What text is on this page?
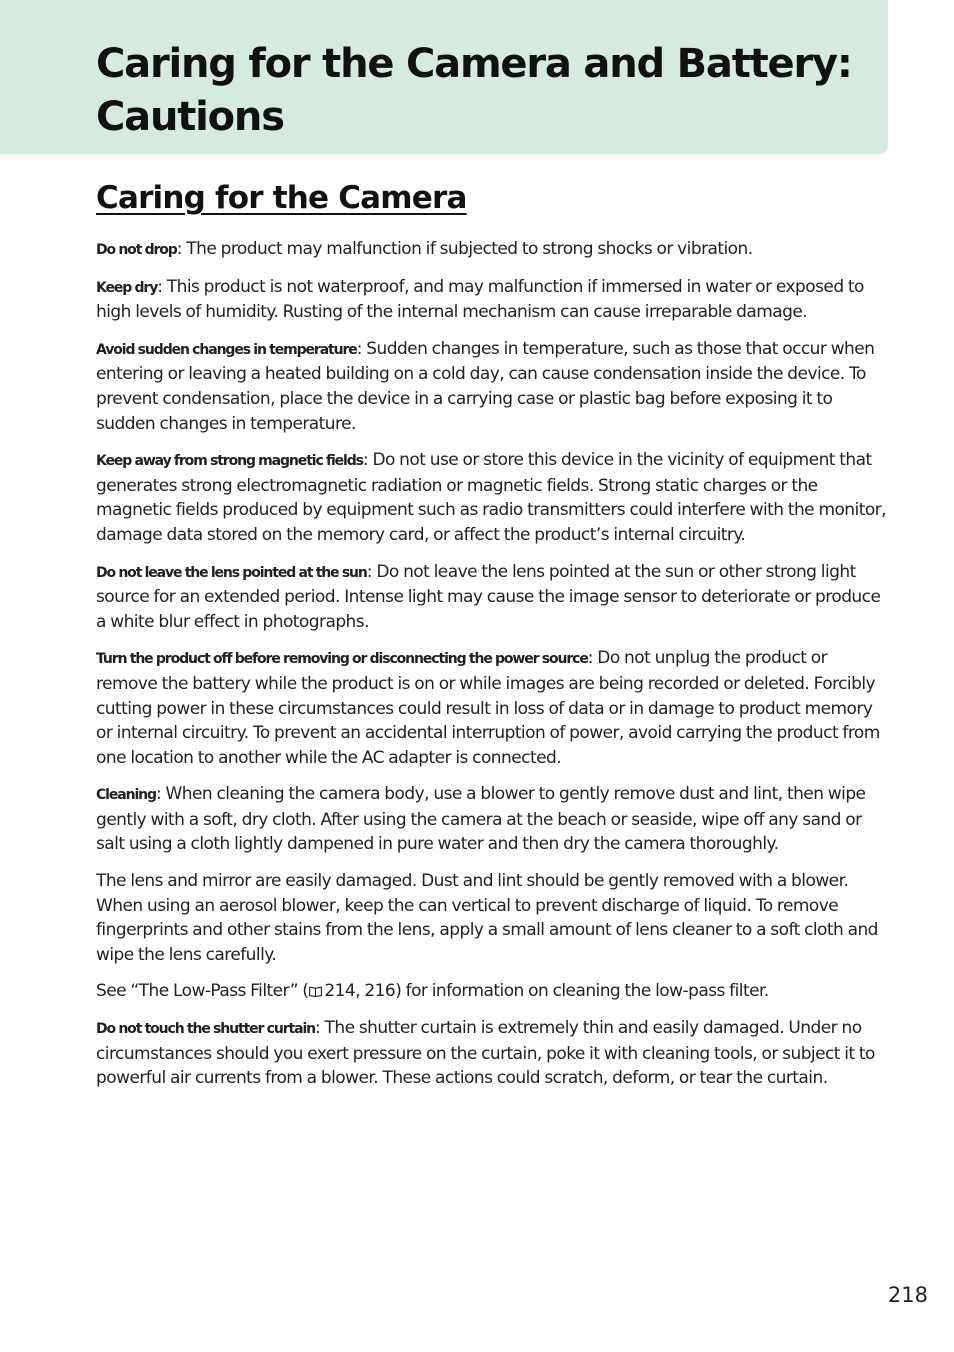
Caring for the Camera and Battery: Cautions
Caring for the Camera

Do not drop: The product may malfunction if subjected to strong shocks or vibration.

Keep dry: This product is not waterproof, and may malfunction if immersed in water or exposed to high levels of humidity. Rusting of the internal mechanism can cause irreparable damage.

Avoid sudden changes in temperature: Sudden changes in temperature, such as those that occur when entering or leaving a heated building on a cold day, can cause condensation inside the device. To prevent condensation, place the device in a carrying case or plastic bag before exposing it to sudden changes in temperature.

Keep away from strong magnetic fields: Do not use or store this device in the vicinity of equipment that generates strong electromagnetic radiation or magnetic fields. Strong static charges or the magnetic fields produced by equipment such as radio transmitters could interfere with the monitor, damage data stored on the memory card, or affect the product’s internal circuitry.

Do not leave the lens pointed at the sun: Do not leave the lens pointed at the sun or other strong light source for an extended period. Intense light may cause the image sensor to deteriorate or produce a white blur effect in photographs.

Turn the product off before removing or disconnecting the power source: Do not unplug the product or remove the battery while the product is on or while images are being recorded or deleted. Forcibly cutting power in these circumstances could result in loss of data or in damage to product memory or internal circuitry. To prevent an accidental interruption of power, avoid carrying the product from one location to another while the AC adapter is connected.

Cleaning: When cleaning the camera body, use a blower to gently remove dust and lint, then wipe gently with a soft, dry cloth. After using the camera at the beach or seaside, wipe off any sand or salt using a cloth lightly dampened in pure water and then dry the camera thoroughly.

The lens and mirror are easily damaged. Dust and lint should be gently removed with a blower. When using an aerosol blower, keep the can vertical to prevent discharge of liquid. To remove fingerprints and other stains from the lens, apply a small amount of lens cleaner to a soft cloth and wipe the lens carefully.

See “The Low-Pass Filter” ( 214, 216) for information on cleaning the low-pass filter.

Do not touch the shutter curtain: The shutter curtain is extremely thin and easily damaged. Under no circumstances should you exert pressure on the curtain, poke it with cleaning tools, or subject it to powerful air currents from a blower. These actions could scratch, deform, or tear the curtain.

218
